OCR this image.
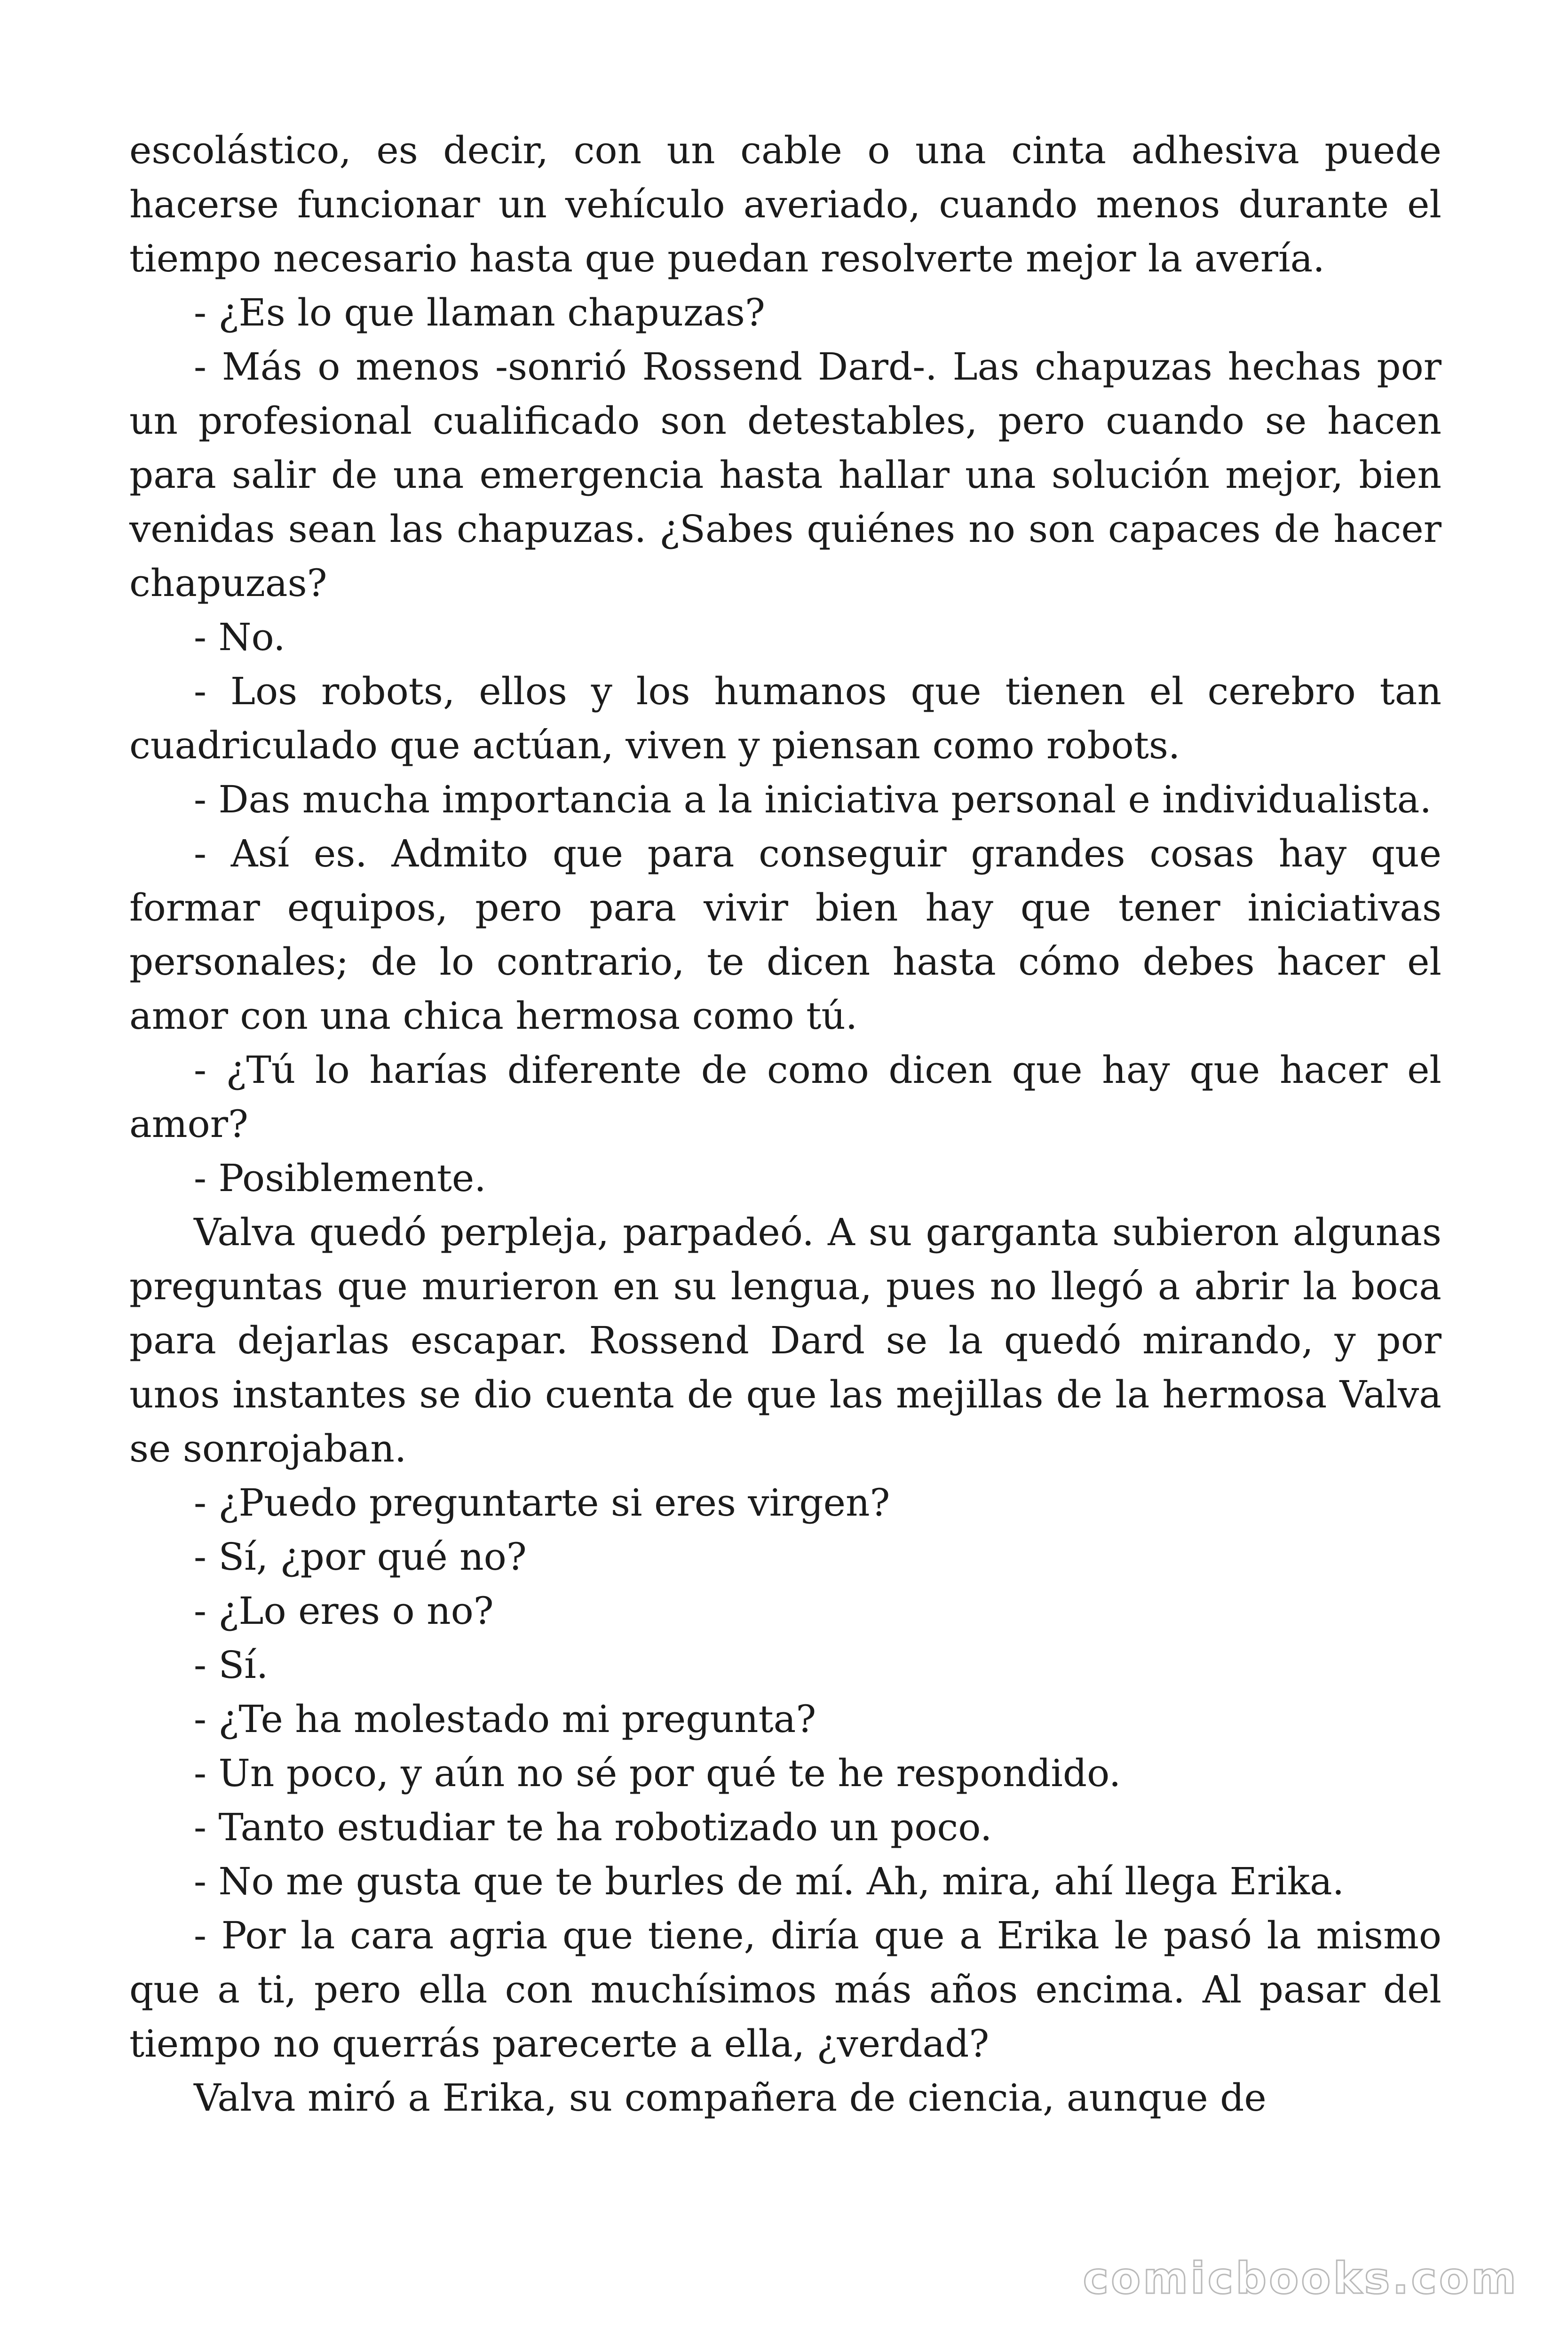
escolástico, es decir, con un cable o una cinta adhesiva puede hacerse funcionar un vehículo averiado, cuando menos durante el tiempo necesario hasta que puedan resolverte mejor la avería.

- ¿Es lo que llaman chapuzas?

- Más o menos -sonrió Rossend Dard-. Las chapuzas hechas por un profesional cualificado son detestables, pero cuando se hacen para salir de una emergencia hasta hallar una solución mejor, bien venidas sean las chapuzas. ¿Sabes quiénes no son capaces de hacer chapuzas?

- No.

- Los robots, ellos y los humanos que tienen el cerebro tan cuadriculado que actúan, viven y piensan como robots.

- Das mucha importancia a la iniciativa personal e individualista.

- Así es. Admito que para conseguir grandes cosas hay que formar equipos, pero para vivir bien hay que tener iniciativas personales; de lo contrario, te dicen hasta cómo debes hacer el amor con una chica hermosa como tú.

- ¿Tú lo harías diferente de como dicen que hay que hacer el amor?

- Posiblemente.

Valva quedó perpleja, parpadeó. A su garganta subieron algunas preguntas que murieron en su lengua, pues no llegó a abrir la boca para dejarlas escapar. Rossend Dard se la quedó mirando, y por unos instantes se dio cuenta de que las mejillas de la hermosa Valva se sonrojaban.

- ¿Puedo preguntarte si eres virgen?

- Sí, ¿por qué no?

- ¿Lo eres o no?

- Sí.

- ¿Te ha molestado mi pregunta?

- Un poco, y aún no sé por qué te he respondido.

- Tanto estudiar te ha robotizado un poco.

- No me gusta que te burles de mí. Ah, mira, ahí llega Erika.

- Por la cara agria que tiene, diría que a Erika le pasó la mismo que a ti, pero ella con muchísimos más años encima. Al pasar del tiempo no querrás parecerte a ella, ¿verdad?

Valva miró a Erika, su compañera de ciencia, aunque de

comicbooks.com
